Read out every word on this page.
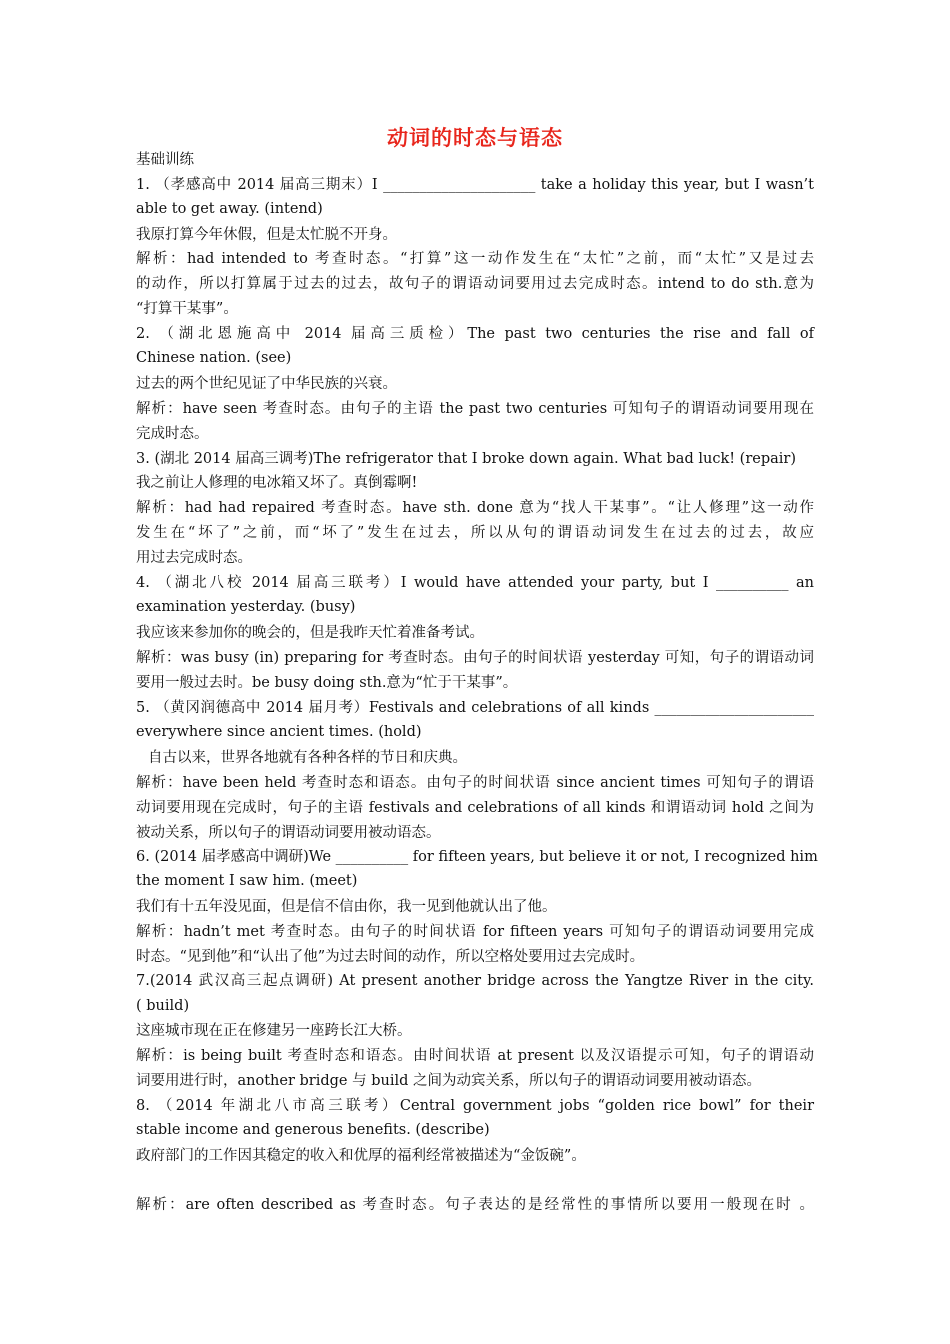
动词的时态与语态
基础训练
1. （孝感高中 2014 届高三期末）I _____________________ take a holiday this year, but I wasn’t
able to get away. (intend)
我原打算今年休假，但是太忙脱不开身。
解析：had intended to 考查时态。“打算”这一动作发生在“太忙”之前，而“太忙”又是过去
的动作，所以打算属于过去的过去，故句子的谓语动词要用过去完成时态。intend to do sth.意为
“打算干某事”。
2. （湖北恩施高中 2014 届高三质检）The past two centuries the rise and fall of
Chinese nation. (see)
过去的两个世纪见证了中华民族的兴衰。
解析：have seen 考查时态。由句子的主语 the past two centuries 可知句子的谓语动词要用现在
完成时态。
3. (湖北 2014 届高三调考)The refrigerator that I broke down again. What bad luck! (repair)
我之前让人修理的电冰箱又坏了。真倒霉啊!
解析：had had repaired 考查时态。have sth. done 意为“找人干某事”。“让人修理”这一动作
发生在“坏了”之前，而“坏了”发生在过去，所以从句的谓语动词发生在过去的过去，故应
用过去完成时态。
4. （湖北八校 2014 届高三联考）I would have attended your party, but I __________ an
examination yesterday. (busy)
我应该来参加你的晚会的，但是我昨天忙着准备考试。
解析：was busy (in) preparing for 考查时态。由句子的时间状语 yesterday 可知，句子的谓语动词
要用一般过去时。be busy doing sth.意为“忙于干某事”。
5. （黄冈润德高中 2014 届月考）Festivals and celebrations of all kinds ______________________
everywhere since ancient times. (hold)
自古以来，世界各地就有各种各样的节日和庆典。
解析：have been held 考查时态和语态。由句子的时间状语 since ancient times 可知句子的谓语
动词要用现在完成时，句子的主语 festivals and celebrations of all kinds 和谓语动词 hold 之间为
被动关系，所以句子的谓语动词要用被动语态。
6. (2014 届孝感高中调研)We __________ for fifteen years, but believe it or not, I recognized him
the moment I saw him. (meet)
我们有十五年没见面，但是信不信由你，我一见到他就认出了他。
解析：hadn’t met 考查时态。由句子的时间状语 for fifteen years 可知句子的谓语动词要用完成
时态。“见到他”和“认出了他”为过去时间的动作，所以空格处要用过去完成时。
7.(2014 武汉高三起点调研) At present another bridge across the Yangtze River in the city.
( build)
这座城市现在正在修建另一座跨长江大桥。
解析：is being built 考查时态和语态。由时间状语 at present 以及汉语提示可知，句子的谓语动
词要用进行时，another bridge 与 build 之间为动宾关系，所以句子的谓语动词要用被动语态。
8. （2014 年湖北八市高三联考）Central government jobs “golden rice bowl” for their
stable income and generous benefits. (describe)
政府部门的工作因其稳定的收入和优厚的福利经常被描述为“金饭碗”。
解析：are often described as 考查时态。句子表达的是经常性的事情所以要用一般现在时 。
